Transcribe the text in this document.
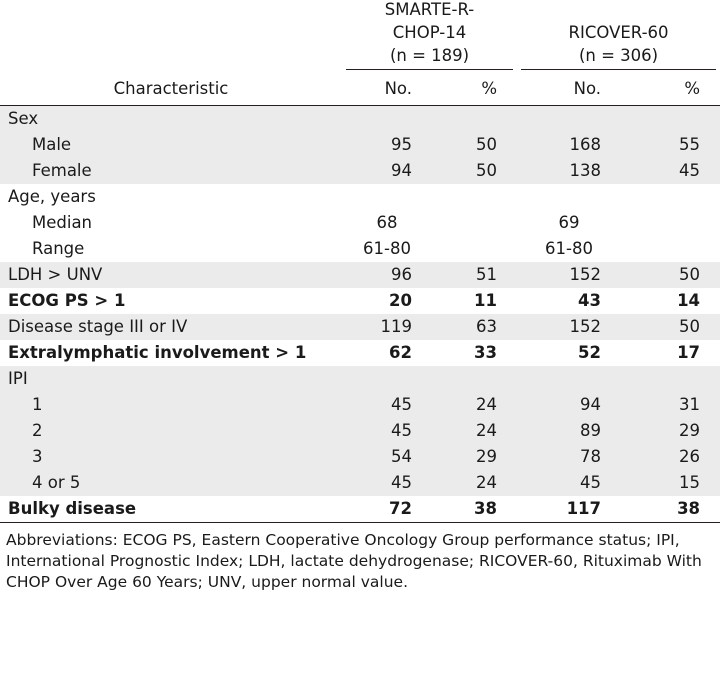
	SMARTE-R-
CHOP-14
(n = 189)		RICOVER-60
(n = 306)	

Characteristic	No.	%	No.	%
Sex				
Male	95	50	168	55
Female	94	50	138	45
Age, years				
Median	68		69	
Range	61-80		61-80	
LDH > UNV	96	51	152	50
ECOG PS > 1	20	11	43	14
Disease stage III or IV	119	63	152	50
Extralymphatic involvement > 1	62	33	52	17
IPI				
1	45	24	94	31
2	45	24	89	29
3	54	29	78	26
4 or 5	45	24	45	15
Bulky disease	72	38	117	38
Abbreviations: ECOG PS, Eastern Cooperative Oncology Group performance status; IPI, International Prognostic Index; LDH, lactate dehydrogenase; RICOVER-60, Rituximab With CHOP Over Age 60 Years; UNV, upper normal value.
